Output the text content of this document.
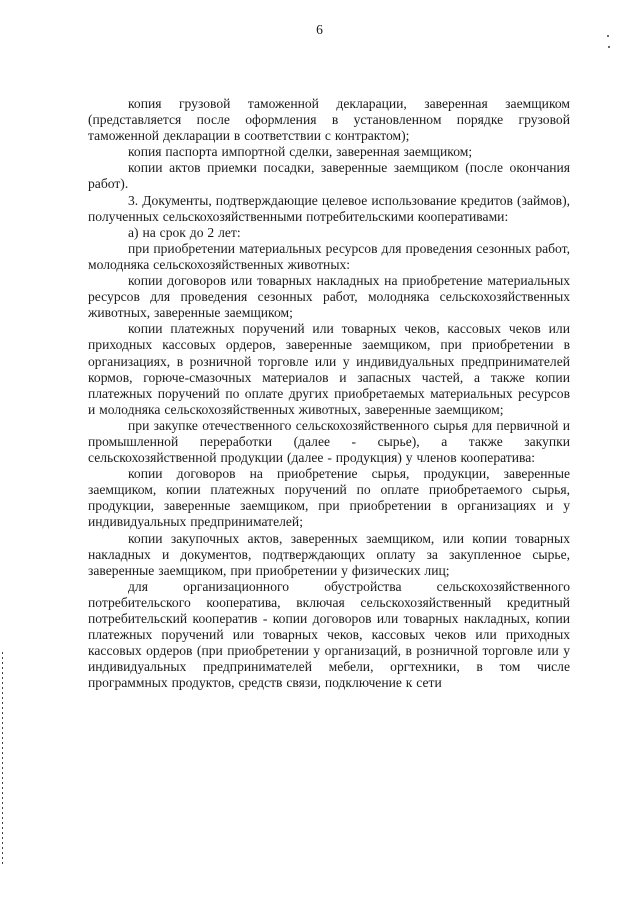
6

копия грузовой таможенной декларации, заверенная заемщиком (представляется после оформления в установленном порядке грузовой таможенной декларации в соответствии с контрактом);

копия паспорта импортной сделки, заверенная заемщиком;

копии актов приемки посадки, заверенные заемщиком (после окончания работ).

3. Документы, подтверждающие целевое использование кредитов (займов), полученных сельскохозяйственными потребительскими кооперативами:

а) на срок до 2 лет:

при приобретении материальных ресурсов для проведения сезонных работ, молодняка сельскохозяйственных животных:

копии договоров или товарных накладных на приобретение материальных ресурсов для проведения сезонных работ, молодняка сельскохозяйственных животных, заверенные заемщиком;

копии платежных поручений или товарных чеков, кассовых чеков или приходных кассовых ордеров, заверенные заемщиком, при приобретении в организациях, в розничной торговле или у индивидуальных предпринимателей кормов, горюче-смазочных материалов и запасных частей, а также копии платежных поручений по оплате других приобретаемых материальных ресурсов и молодняка сельскохозяйственных животных, заверенные заемщиком;

при закупке отечественного сельскохозяйственного сырья для первичной и промышленной переработки (далее - сырье), а также закупки сельскохозяйственной продукции (далее - продукция) у членов кооператива:

копии договоров на приобретение сырья, продукции, заверенные заемщиком, копии платежных поручений по оплате приобретаемого сырья, продукции, заверенные заемщиком, при приобретении в организациях и у индивидуальных предпринимателей;

копии закупочных актов, заверенных заемщиком, или копии товарных накладных и документов, подтверждающих оплату за закупленное сырье, заверенные заемщиком, при приобретении у физических лиц;

для организационного обустройства сельскохозяйственного потребительского кооператива, включая сельскохозяйственный кредитный потребительский кооператив - копии договоров или товарных накладных, копии платежных поручений или товарных чеков, кассовых чеков или приходных кассовых ордеров (при приобретении у организаций, в розничной торговле или у индивидуальных предпринимателей мебели, оргтехники, в том числе программных продуктов, средств связи, подключение к сети
